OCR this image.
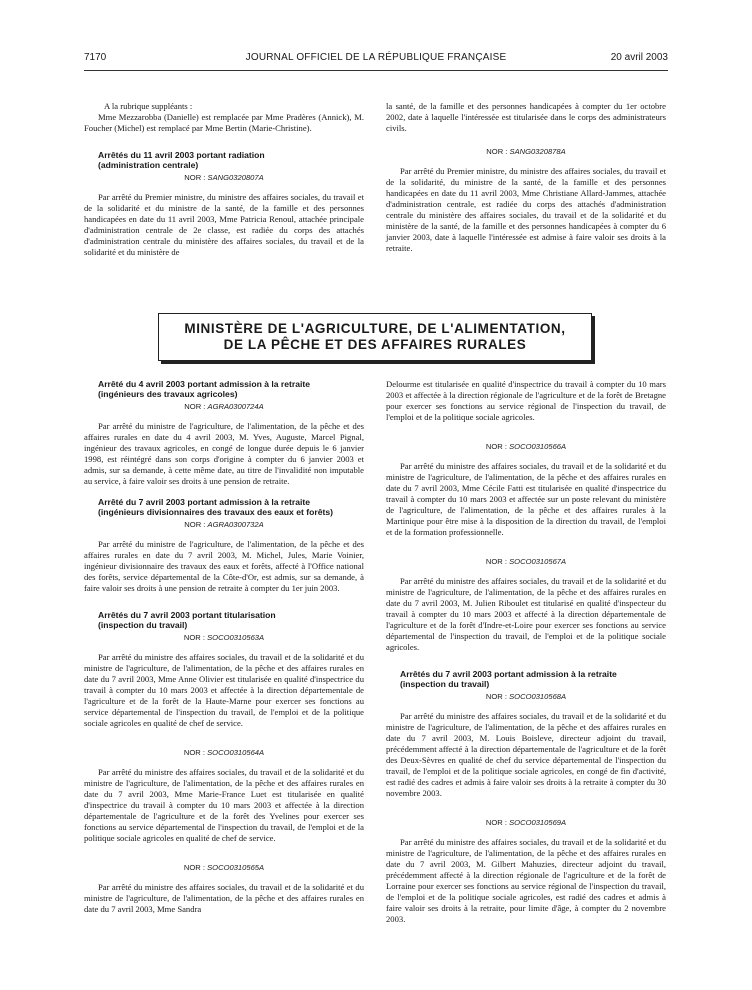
7170	JOURNAL OFFICIEL DE LA RÉPUBLIQUE FRANÇAISE	20 avril 2003

A la rubrique suppléants :

Mme Mezzarobba (Danielle) est remplacée par Mme Pradères (Annick), M. Foucher (Michel) est remplacé par Mme Bertin (Marie-Christine).

Arrêtés du 11 avril 2003 portant radiation

(administration centrale)

NOR : SANG0320807A

Par arrêté du Premier ministre, du ministre des affaires sociales, du travail et de la solidarité et du ministre de la santé, de la famille et des personnes handicapées en date du 11 avril 2003, Mme Patricia Renoul, attachée principale d'administration centrale de 2e classe, est radiée du corps des attachés d'administration centrale du ministère des affaires sociales, du travail et de la solidarité et du ministère de

la santé, de la famille et des personnes handicapées à compter du 1er octobre 2002, date à laquelle l'intéressée est titularisée dans le corps des administrateurs civils.

NOR : SANG0320878A

Par arrêté du Premier ministre, du ministre des affaires sociales, du travail et de la solidarité, du ministre de la santé, de la famille et des personnes handicapées en date du 11 avril 2003, Mme Christiane Allard-Jammes, attachée d'administration centrale, est radiée du corps des attachés d'administration centrale du ministère des affaires sociales, du travail et de la solidarité et du ministère de la santé, de la famille et des personnes handicapées à compter du 6 janvier 2003, date à laquelle l'intéressée est admise à faire valoir ses droits à la retraite.

MINISTÈRE DE L'AGRICULTURE, DE L'ALIMENTATION,
DE LA PÊCHE ET DES AFFAIRES RURALES

Arrêté du 4 avril 2003 portant admission à la retraite

(ingénieurs des travaux agricoles)

NOR : AGRA0300724A

Par arrêté du ministre de l'agriculture, de l'alimentation, de la pêche et des affaires rurales en date du 4 avril 2003, M. Yves, Auguste, Marcel Pignal, ingénieur des travaux agricoles, en congé de longue durée depuis le 6 janvier 1998, est réintégré dans son corps d'origine à compter du 6 janvier 2003 et admis, sur sa demande, à cette même date, au titre de l'invalidité non imputable au service, à faire valoir ses droits à une pension de retraite.

Arrêté du 7 avril 2003 portant admission à la retraite

(ingénieurs divisionnaires des travaux des eaux et forêts)

NOR : AGRA0300732A

Par arrêté du ministre de l'agriculture, de l'alimentation, de la pêche et des affaires rurales en date du 7 avril 2003, M. Michel, Jules, Marie Voinier, ingénieur divisionnaire des travaux des eaux et forêts, affecté à l'Office national des forêts, service départemental de la Côte-d'Or, est admis, sur sa demande, à faire valoir ses droits à une pension de retraite à compter du 1er juin 2003.

Arrêtés du 7 avril 2003 portant titularisation

(inspection du travail)

NOR : SOCO0310563A

Par arrêté du ministre des affaires sociales, du travail et de la solidarité et du ministre de l'agriculture, de l'alimentation, de la pêche et des affaires rurales en date du 7 avril 2003, Mme Anne Olivier est titularisée en qualité d'inspectrice du travail à compter du 10 mars 2003 et affectée à la direction départementale de l'agriculture et de la forêt de la Haute-Marne pour exercer ses fonctions au service départemental de l'inspection du travail, de l'emploi et de la politique sociale agricoles en qualité de chef de service.

NOR : SOCO0310564A

Par arrêté du ministre des affaires sociales, du travail et de la solidarité et du ministre de l'agriculture, de l'alimentation, de la pêche et des affaires rurales en date du 7 avril 2003, Mme Marie-France Luet est titularisée en qualité d'inspectrice du travail à compter du 10 mars 2003 et affectée à la direction départementale de l'agriculture et de la forêt des Yvelines pour exercer ses fonctions au service départemental de l'inspection du travail, de l'emploi et de la politique sociale agricoles en qualité de chef de service.

NOR : SOCO0310565A

Par arrêté du ministre des affaires sociales, du travail et de la solidarité et du ministre de l'agriculture, de l'alimentation, de la pêche et des affaires rurales en date du 7 avril 2003, Mme Sandra

Delourme est titularisée en qualité d'inspectrice du travail à compter du 10 mars 2003 et affectée à la direction régionale de l'agriculture et de la forêt de Bretagne pour exercer ses fonctions au service régional de l'inspection du travail, de l'emploi et de la politique sociale agricoles.

NOR : SOCO0310566A

Par arrêté du ministre des affaires sociales, du travail et de la solidarité et du ministre de l'agriculture, de l'alimentation, de la pêche et des affaires rurales en date du 7 avril 2003, Mme Cécile Fatti est titularisée en qualité d'inspectrice du travail à compter du 10 mars 2003 et affectée sur un poste relevant du ministère de l'agriculture, de l'alimentation, de la pêche et des affaires rurales à la Martinique pour être mise à la disposition de la direction du travail, de l'emploi et de la formation professionnelle.

NOR : SOCO0310567A

Par arrêté du ministre des affaires sociales, du travail et de la solidarité et du ministre de l'agriculture, de l'alimentation, de la pêche et des affaires rurales en date du 7 avril 2003, M. Julien Riboulet est titularisé en qualité d'inspecteur du travail à compter du 10 mars 2003 et affecté à la direction départementale de l'agriculture et de la forêt d'Indre-et-Loire pour exercer ses fonctions au service départemental de l'inspection du travail, de l'emploi et de la politique sociale agricoles.

Arrêtés du 7 avril 2003 portant admission à la retraite

(inspection du travail)

NOR : SOCO0310568A

Par arrêté du ministre des affaires sociales, du travail et de la solidarité et du ministre de l'agriculture, de l'alimentation, de la pêche et des affaires rurales en date du 7 avril 2003, M. Louis Boisleve, directeur adjoint du travail, précédemment affecté à la direction départementale de l'agriculture et de la forêt des Deux-Sèvres en qualité de chef du service départemental de l'inspection du travail, de l'emploi et de la politique sociale agricoles, en congé de fin d'activité, est radié des cadres et admis à faire valoir ses droits à la retraite à compter du 30 novembre 2003.

NOR : SOCO0310569A

Par arrêté du ministre des affaires sociales, du travail et de la solidarité et du ministre de l'agriculture, de l'alimentation, de la pêche et des affaires rurales en date du 7 avril 2003, M. Gilbert Mahuzies, directeur adjoint du travail, précédemment affecté à la direction régionale de l'agriculture et de la forêt de Lorraine pour exercer ses fonctions au service régional de l'inspection du travail, de l'emploi et de la politique sociale agricoles, est radié des cadres et admis à faire valoir ses droits à la retraite, pour limite d'âge, à compter du 2 novembre 2003.
